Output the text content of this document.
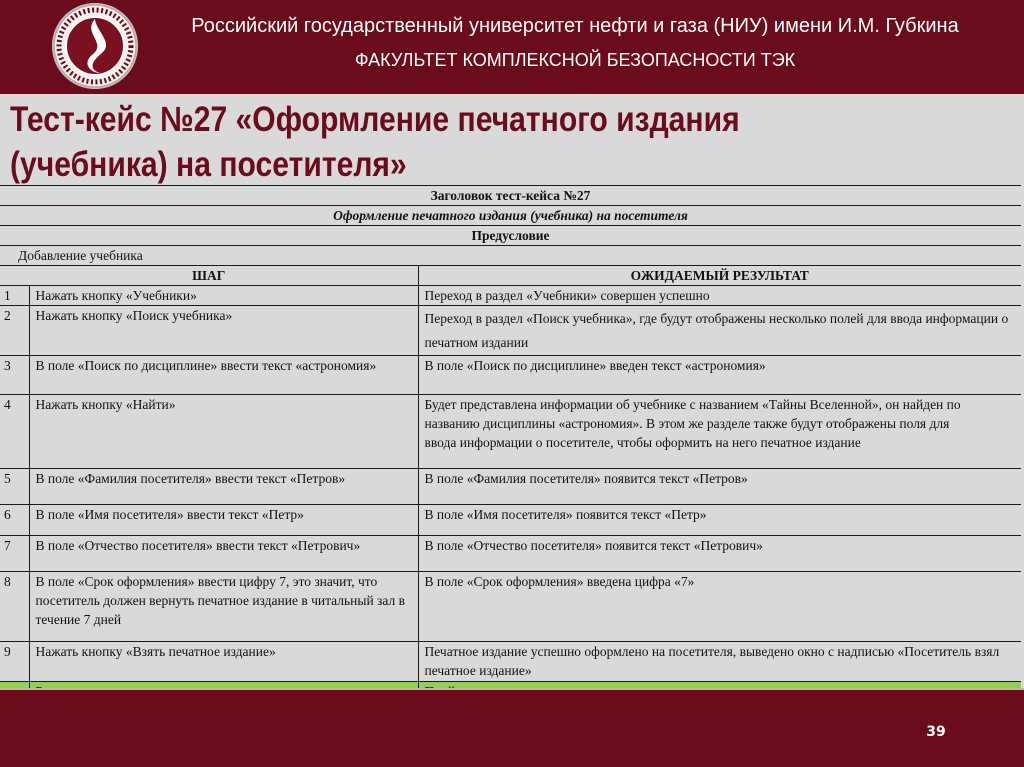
Российский государственный университет нефти и газа (НИУ) имени И.М. Губкина
ФАКУЛЬТЕТ КОМПЛЕКСНОЙ БЕЗОПАСНОСТИ ТЭК
Тест-кейс №27 «Оформление печатного издания
(учебника) на посетителя»
Заголовок тест-кейса №27		
Оформление печатного издания (учебника) на посетителя		
Предусловие		
Добавление учебника		
ШАГ		ОЖИДАЕМЫЙ РЕЗУЛЬТАТ
1	Нажать кнопку «Учебники»	Переход в раздел «Учебники» совершен успешно
2	Нажать кнопку «Поиск учебника»	Переход в раздел «Поиск учебника», где будут отображены несколько полей для ввода информации о печатном издании
3	В поле «Поиск по дисциплине» ввести текст «астрономия»	В поле «Поиск по дисциплине» введен текст «астрономия»
4	Нажать кнопку «Найти»	Будет представлена информации об учебнике с названием «Тайны Вселенной», он найден по названию дисциплины «астрономия». В этом же разделе также будут отображены поля для ввода информации о посетителе, чтобы оформить на него печатное издание
5	В поле «Фамилия посетителя» ввести текст «Петров»	В поле «Фамилия посетителя» появится текст «Петров»
6	В поле «Имя посетителя» ввести текст «Петр»	В поле «Имя посетителя» появится текст «Петр»
7	В поле «Отчество посетителя» ввести текст «Петрович»	В поле «Отчество посетителя» появится текст «Петрович»
8	В поле «Срок оформления» ввести цифру 7, это значит, что посетитель должен вернуть печатное издание в читальный зал в течение 7 дней	В поле «Срок оформления» введена цифра «7»
9	Нажать кнопку «Взять печатное издание»	Печатное издание успешно оформлено на посетителя, выведено окно с надписью «Посетитель взял печатное издание»

39
